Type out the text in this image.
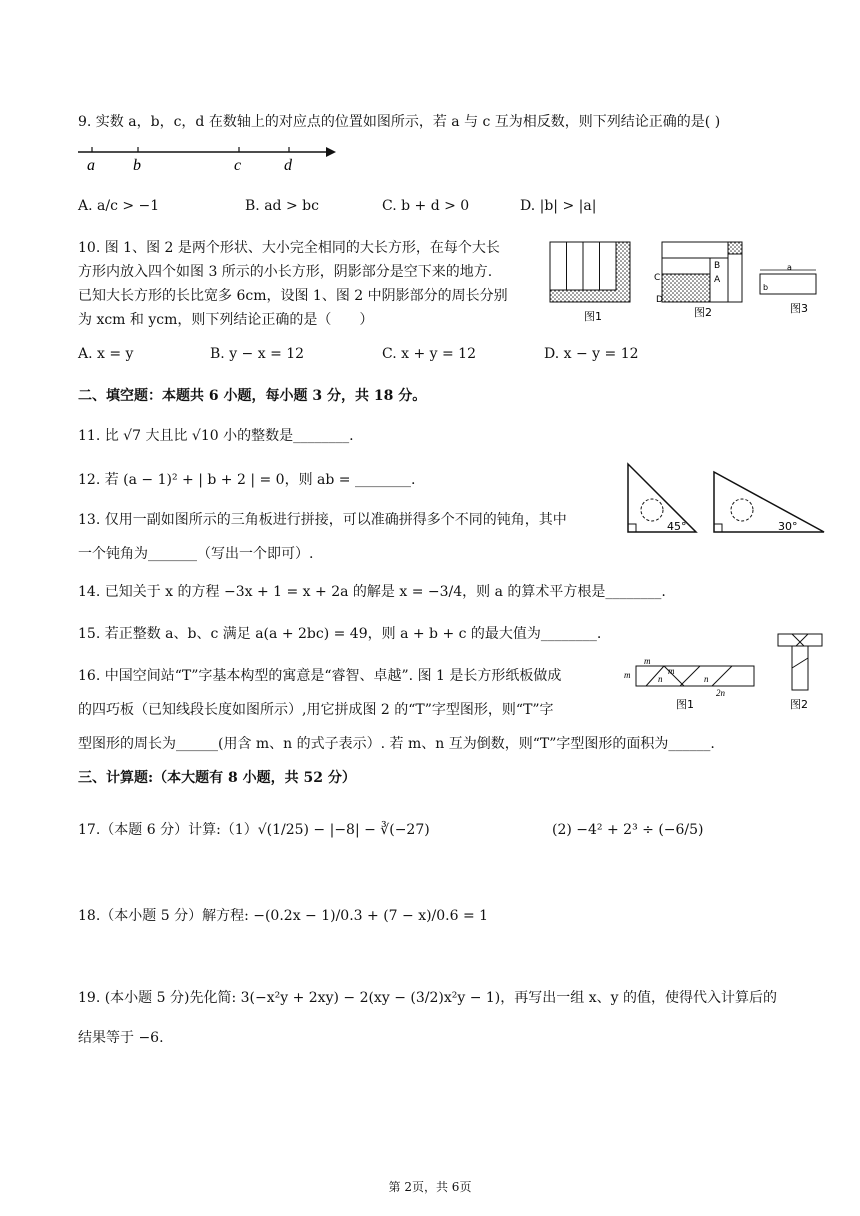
9. 实数 a，b，c，d 在数轴上的对应点的位置如图所示，若 a 与 c 互为相反数，则下列结论正确的是( )
a b	c	d
A. a/c > −1	B. ad > bc	C. b + d > 0	D. |b| > |a|
10. 图 1、图 2 是两个形状、大小完全相同的大长方形，在每个大长
方形内放入四个如图 3 所示的小长方形，阴影部分是空下来的地方.
已知大长方形的长比宽多 6cm，设图 1、图 2 中阴影部分的周长分别
为 xcm 和 ycm，则下列结论正确的是（　　）	图1
B
A
C
D
图2
a
b
图3
A. x = y	B. y − x = 12	C. x + y = 12	D. x − y = 12
二、填空题：本题共 6 小题，每小题 3 分，共 18 分。
11. 比 √7 大且比 √10 小的整数是________.
12. 若 (a − 1)² + | b + 2 | = 0，则 ab = ________.
13. 仅用一副如图所示的三角板进行拼接，可以准确拼得多个不同的钝角，其中
一个钝角为_______（写出一个即可）.
45°	30°
14. 已知关于 x 的方程 −3x + 1 = x + 2a 的解是 x = −3/4，则 a 的算术平方根是________.
15. 若正整数 a、b、c 满足 a(a + 2bc) = 49，则 a + b + c 的最大值为________.
16. 中国空间站“T”字基本构型的寓意是“睿智、卓越”. 图 1 是长方形纸板做成
的四巧板（已知线段长度如图所示）,用它拼成图 2 的“T”字型图形，则“T”字
型图形的周长为______(用含 m、n 的式子表示）. 若 m、n 互为倒数，则“T”字型图形的面积为______.
m
m	m
n	n
2n
图1	图2
三、计算题:（本大题有 8 小题，共 52 分）
17.（本题 6 分）计算:（1）√(1/25) − |−8| − ∛(−27)	(2) −4² + 2³ ÷ (−6/5)
18.（本小题 5 分）解方程: −(0.2x − 1)/0.3 + (7 − x)/0.6 = 1
19. (本小题 5 分)先化简: 3(−x²y + 2xy) − 2(xy − (3/2)x²y − 1)，再写出一组 x、y 的值，使得代入计算后的
结果等于 −6.
第 2页，共 6页
